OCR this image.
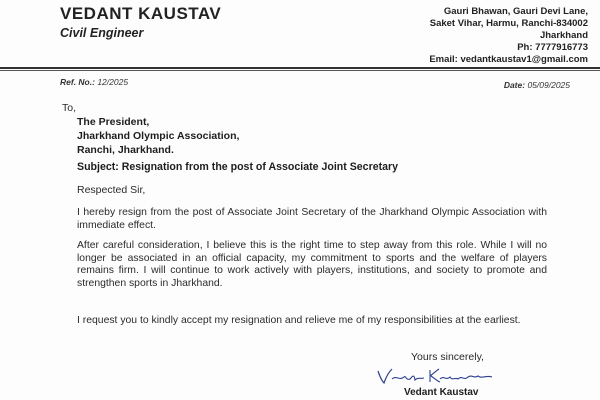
VEDANT KAUSTAV
Civil Engineer
Gauri Bhawan, Gauri Devi Lane,
Saket Vihar, Harmu, Ranchi-834002
Jharkhand
Ph: 7777916773
Email: vedantkaustav1@gmail.com
Ref. No.: 12/2025	Date: 05/09/2025
To,
The President,
Jharkhand Olympic Association,
Ranchi, Jharkhand.
Subject: Resignation from the post of Associate Joint Secretary
Respected Sir,
I hereby resign from the post of Associate Joint Secretary of the Jharkhand Olympic Association with immediate effect.
After careful consideration, I believe this is the right time to step away from this role. While I will no longer be associated in an official capacity, my commitment to sports and the welfare of players remains firm. I will continue to work actively with players, institutions, and society to promote and strengthen sports in Jharkhand.
I request you to kindly accept my resignation and relieve me of my responsibilities at the earliest.
Yours sincerely,
Vedant Kaustav
